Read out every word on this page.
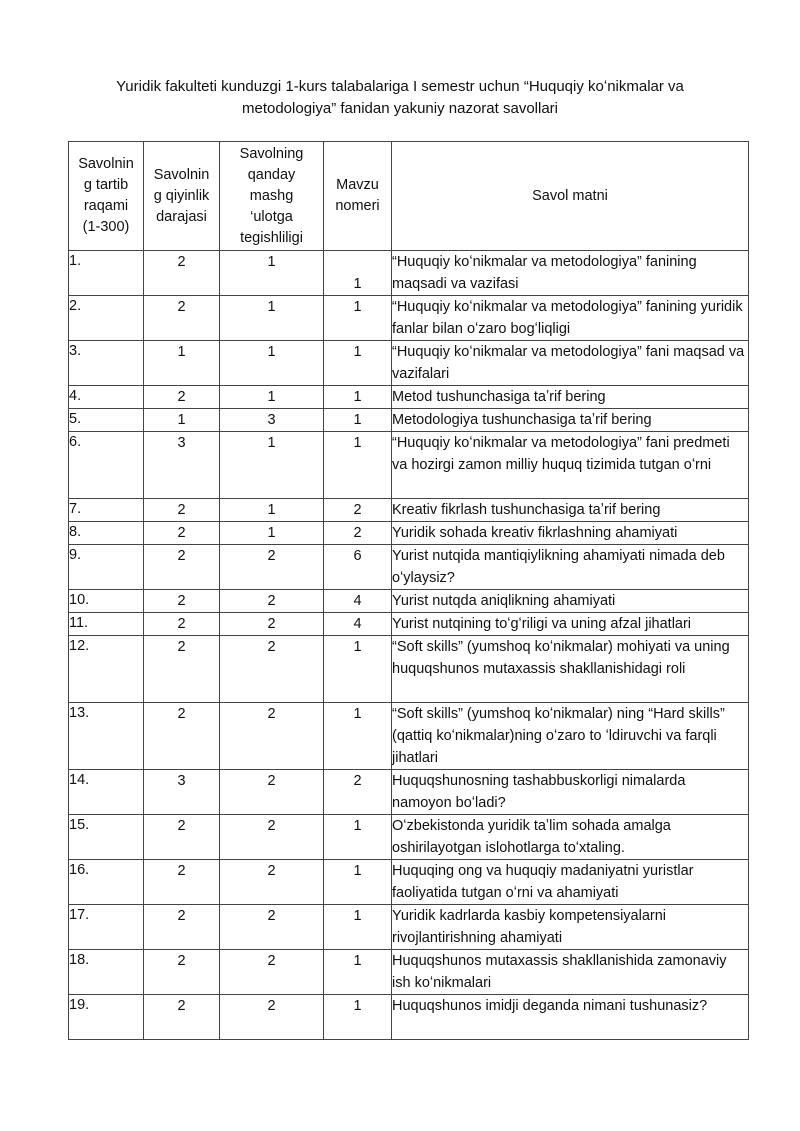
Yuridik fakulteti kunduzgi 1-kurs talabalariga I semestr uchun “Huquqiy koʻnikmalar va
metodologiya” fanidan yakuniy nazorat savollari
Savolnin
g tartib
raqami
(1-300)	Savolnin
g qiyinlik
darajasi	Savolning
qanday
mashg
‘ulotga
tegishliligi	Mavzu
nomeri	Savol matni
1.	2	1	1	“Huquqiy koʻnikmalar va metodologiya” fanining maqsadi va vazifasi
2.	2	1	1	“Huquqiy koʻnikmalar va metodologiya” fanining yuridik fanlar bilan oʻzaro bogʻliqligi
3.	1	1	1	“Huquqiy koʻnikmalar va metodologiya” fani maqsad va vazifalari
4.	2	1	1	Metod tushunchasiga taʼrif bering
5.	1	3	1	Metodologiya tushunchasiga taʼrif bering
6.	3	1	1	“Huquqiy koʻnikmalar va metodologiya” fani predmeti va hozirgi zamon milliy huquq tizimida tutgan oʻrni
7.	2	1	2	Kreativ fikrlash tushunchasiga taʼrif bering
8.	2	1	2	Yuridik sohada kreativ fikrlashning ahamiyati
9.	2	2	6	Yurist nutqida mantiqiylikning ahamiyati nimada deb oʻylaysiz?
10.	2	2	4	Yurist nutqda aniqlikning ahamiyati
11.	2	2	4	Yurist nutqining toʻgʻriligi va uning afzal jihatlari
12.	2	2	1	“Soft skills” (yumshoq koʻnikmalar) mohiyati va uning huquqshunos mutaxassis shakllanishidagi roli
13.	2	2	1	“Soft skills” (yumshoq koʻnikmalar) ning “Hard skills” (qattiq koʻnikmalar)ning oʻzaro to ʻldiruvchi va farqli jihatlari
14.	3	2	2	Huquqshunosning tashabbuskorligi nimalarda namoyon boʻladi?
15.	2	2	1	Oʻzbekistonda yuridik taʼlim sohada amalga oshirilayotgan islohotlarga toʻxtaling.
16.	2	2	1	Huquqing ong va huquqiy madaniyatni yuristlar faoliyatida tutgan oʻrni va ahamiyati
17.	2	2	1	Yuridik kadrlarda kasbiy kompetensiyalarni rivojlantirishning ahamiyati
18.	2	2	1	Huquqshunos mutaxassis shakllanishida zamonaviy ish koʻnikmalari
19.	2	2	1	Huquqshunos imidji deganda nimani tushunasiz?
